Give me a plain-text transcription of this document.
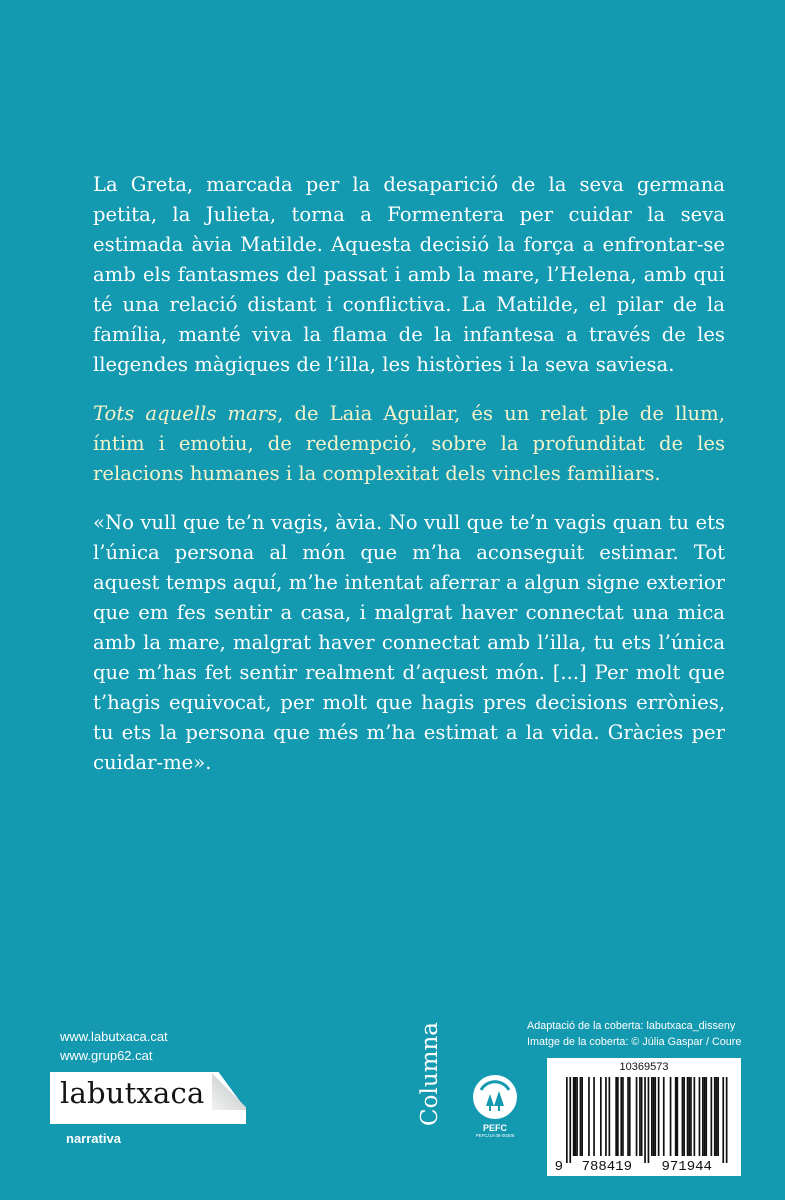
La Greta, marcada per la desaparició de la seva germana petita, la Julieta, torna a Formentera per cuidar la seva estimada àvia Matilde. Aquesta decisió la força a enfrontar-se amb els fantasmes del passat i amb la mare, l’Helena, amb qui té una relació distant i conflictiva. La Matilde, el pilar de la família, manté viva la flama de la infantesa a través de les llegendes màgiques de l’illa, les històries i la seva saviesa.

Tots aquells mars, de Laia Aguilar, és un relat ple de llum, íntim i emotiu, de redempció, sobre la profunditat de les relacions humanes i la complexitat dels vincles familiars.

«No vull que te’n vagis, àvia. No vull que te’n vagis quan tu ets l’única persona al món que m’ha aconseguit estimar. Tot aquest temps aquí, m’he intentat aferrar a algun signe exterior que em fes sentir a casa, i malgrat haver connectat una mica amb la mare, malgrat haver connectat amb l’illa, tu ets l’única que m’has fet sentir realment d’aquest món. [...] Per molt que t’hagis equivocat, per molt que hagis pres decisions errònies, tu ets la persona que més m’ha estimat a la vida. Gràcies per cuidar-me».

www.labutxaca.cat
www.grup62.cat
labutxaca
narrativa
Columna
PEFC
PEFC/14-38-00305
Adaptació de la coberta: labutxaca_disseny
Imatge de la coberta: © Júlia Gaspar / Coure
10369573
9 788419 971944
